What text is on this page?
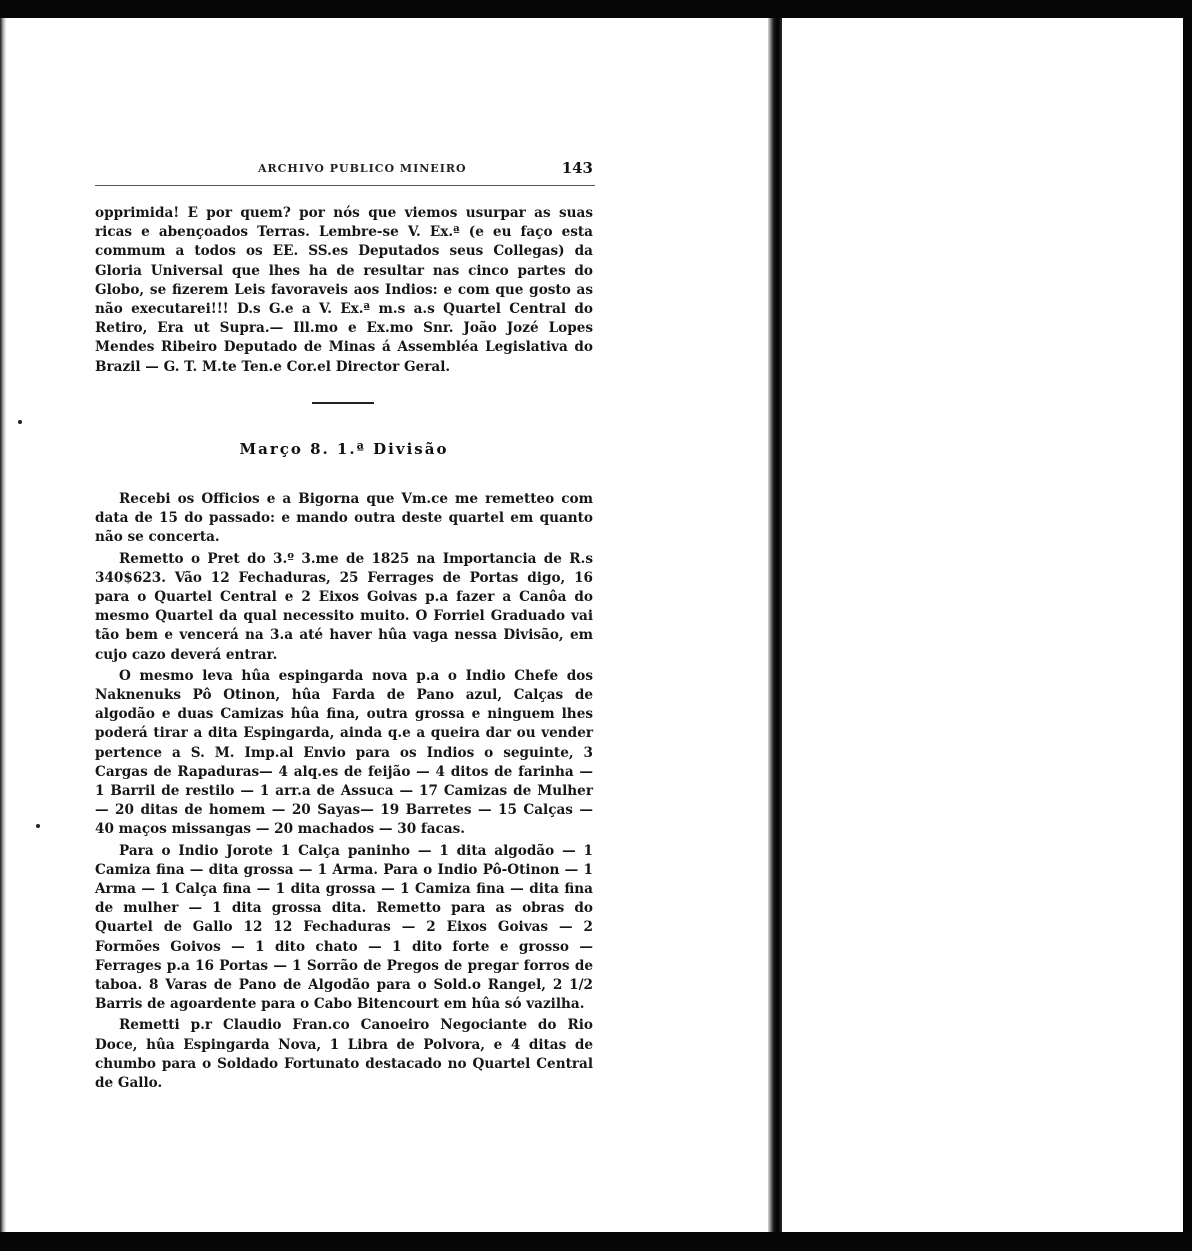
ARCHIVO PUBLICO MINEIRO	143

opprimida! E por quem? por nós que viemos usurpar as suas ricas e abençoados Terras. Lembre-se V. Ex.ª (e eu faço esta commum a todos os EE. SS.es Deputados seus Collegas) da Gloria Universal que lhes ha de resultar nas cinco partes do Globo, se fizerem Leis favoraveis aos Indios: e com que gosto as não executarei!!! D.s G.e a V. Ex.ª m.s a.s Quartel Central do Retiro, Era ut Supra.— Ill.mo e Ex.mo Snr. João Jozé Lopes Mendes Ribeiro Deputado de Minas á Assembléa Legislativa do Brazil — G. T. M.te Ten.e Cor.el Director Geral.

Março 8. 1.ª Divisão

Recebi os Officios e a Bigorna que Vm.ce me remetteo com data de 15 do passado: e mando outra deste quartel em quanto não se concerta.

Remetto o Pret do 3.º 3.me de 1825 na Importancia de R.s 340$623. Vão 12 Fechaduras, 25 Ferrages de Portas digo, 16 para o Quartel Central e 2 Eixos Goivas p.a fazer a Canôa do mesmo Quartel da qual necessito muito. O Forriel Graduado vai tão bem e vencerá na 3.a até haver hûa vaga nessa Divisão, em cujo cazo deverá entrar.

O mesmo leva hûa espingarda nova p.a o Indio Chefe dos Naknenuks Pô Otinon, hûa Farda de Pano azul, Calças de algodão e duas Camizas hûa fina, outra grossa e ninguem lhes poderá tirar a dita Espingarda, ainda q.e a queira dar ou vender pertence a S. M. Imp.al Envio para os Indios o seguinte, 3 Cargas de Rapaduras— 4 alq.es de feijão — 4 ditos de farinha — 1 Barril de restilo — 1 arr.a de Assuca — 17 Camizas de Mulher — 20 ditas de homem — 20 Sayas— 19 Barretes — 15 Calças — 40 maços missangas — 20 machados — 30 facas.

Para o Indio Jorote 1 Calça paninho — 1 dita algodão — 1 Camiza fina — dita grossa — 1 Arma. Para o Indio Pô-Otinon — 1 Arma — 1 Calça fina — 1 dita grossa — 1 Camiza fina — dita fina de mulher — 1 dita grossa dita. Remetto para as obras do Quartel de Gallo 12 12 Fechaduras — 2 Eixos Goivas — 2 Formões Goivos — 1 dito chato — 1 dito forte e grosso — Ferrages p.a 16 Portas — 1 Sorrão de Pregos de pregar forros de taboa. 8 Varas de Pano de Algodão para o Sold.o Rangel, 2 1/2 Barris de agoardente para o Cabo Bitencourt em hûa só vazilha.

Remetti p.r Claudio Fran.co Canoeiro Negociante do Rio Doce, hûa Espingarda Nova, 1 Libra de Polvora, e 4 ditas de chumbo para o Soldado Fortunato destacado no Quartel Central de Gallo.
